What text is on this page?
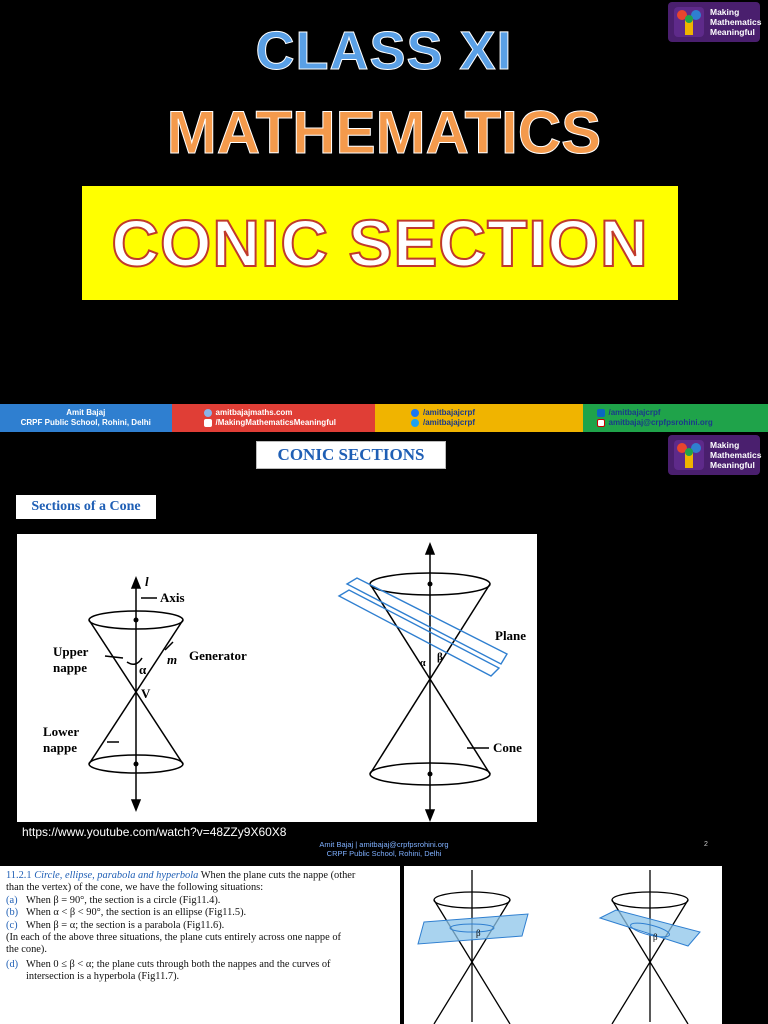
Making
Mathematics
Meaningful
CLASS XI
MATHEMATICS
CONIC SECTION
Amit Bajaj
CRPF Public School, Rohini, Delhi
amitbajajmaths.com
/MakingMathematicsMeaningful
/amitbajajcrpf
/amitbajajcrpf
/amitbajajcrpf
amitbajaj@crpfpsrohini.org
Making
Mathematics
Meaningful
CONIC SECTIONS
Sections of a Cone
l
Axis
Upper
nappe	α
m Generator
V
Lower
nappe
Plane
β
α
Cone
https://www.youtube.com/watch?v=48ZZy9X60X8
Amit Bajaj | amitbajaj@crpfpsrohini.org
CRPF Public School, Rohini, Delhi
2
11.2.1 Circle, ellipse, parabola and hyperbola When the plane cuts the nappe (other
than the vertex) of the cone, we have the following situations:
(a) When β = 90°, the section is a circle (Fig11.4).
(b) When α < β < 90°, the section is an ellipse (Fig11.5).
(c) When β = α; the section is a parabola (Fig11.6).
(In each of the above three situations, the plane cuts entirely across one nappe of
the cone).
(d) When 0 ≤ β < α; the plane cuts through both the nappes and the curves of
intersection is a hyperbola (Fig11.7).
β	β
